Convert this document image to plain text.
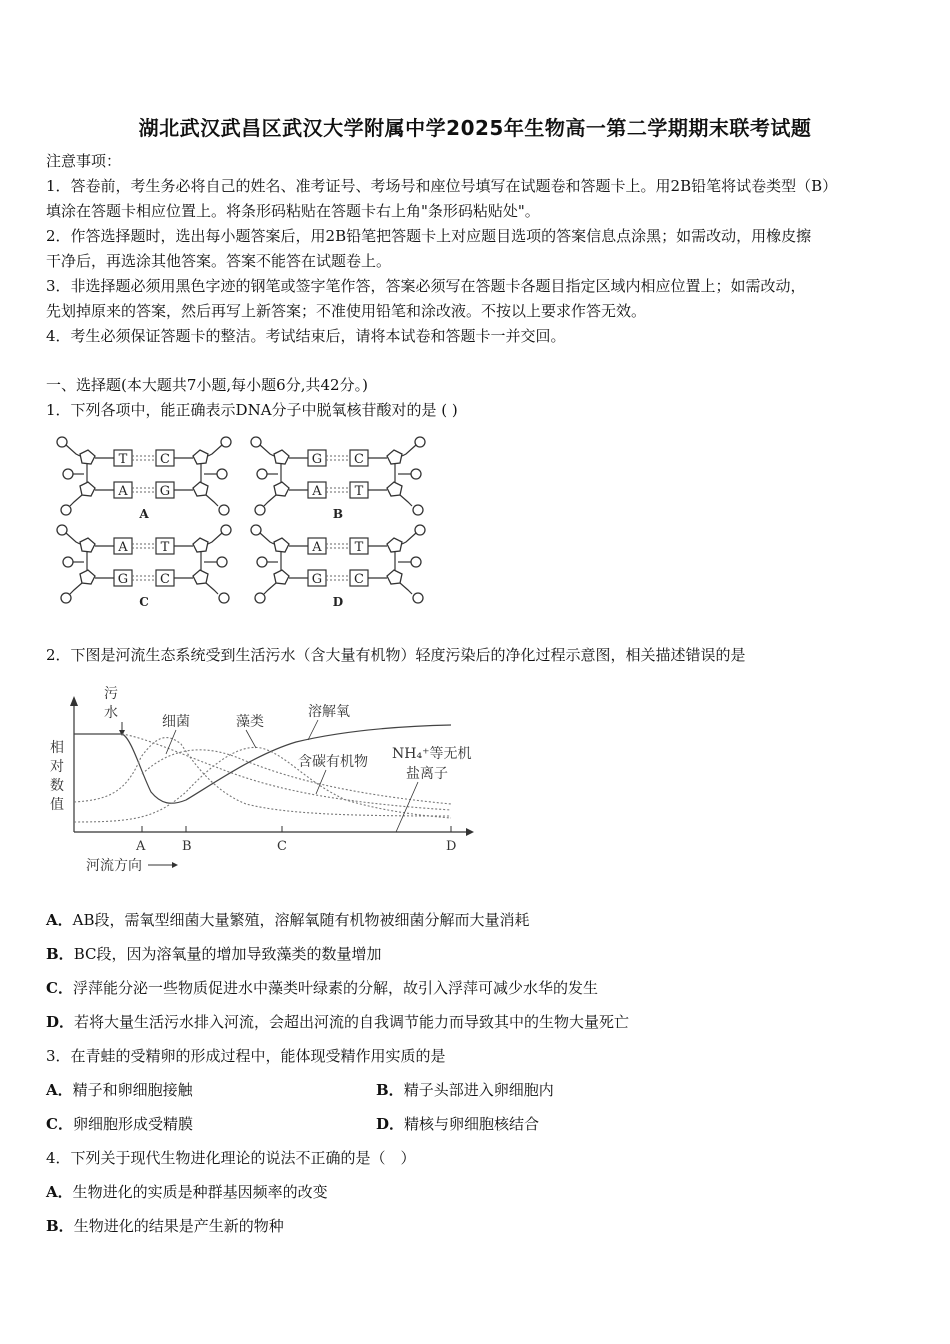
湖北武汉武昌区武汉大学附属中学2025年生物高一第二学期期末联考试题
注意事项：
1．答卷前，考生务必将自己的姓名、准考证号、考场号和座位号填写在试题卷和答题卡上。用2B铅笔将试卷类型（B）
填涂在答题卡相应位置上。将条形码粘贴在答题卡右上角"条形码粘贴处"。
2．作答选择题时，选出每小题答案后，用2B铅笔把答题卡上对应题目选项的答案信息点涂黑；如需改动，用橡皮擦
干净后，再选涂其他答案。答案不能答在试题卷上。
3．非选择题必须用黑色字迹的钢笔或签字笔作答，答案必须写在答题卡各题目指定区域内相应位置上；如需改动，
先划掉原来的答案，然后再写上新答案；不准使用铅笔和涂改液。不按以上要求作答无效。
4．考生必须保证答题卡的整洁。考试结束后，请将本试卷和答题卡一并交回。
一、选择题(本大题共7小题,每小题6分,共42分。)
1．下列各项中，能正确表示DNA分子中脱氧核苷酸对的是 ( )
T	C
A G
A
G C
A	T
B
A	T
G C
C
A	T
G C
D
2．下图是河流生态系统受到生活污水（含大量有机物）轻度污染后的净化过程示意图，相关描述错误的是
污
水
相
对
数
值
细菌	藻类
溶解氧
含碳有机物 NH₄⁺等无机
盐离子
A	B	C	D
河流方向
A．AB段，需氧型细菌大量繁殖，溶解氧随有机物被细菌分解而大量消耗
B．BC段，因为溶氧量的增加导致藻类的数量增加
C．浮萍能分泌一些物质促进水中藻类叶绿素的分解，故引入浮萍可减少水华的发生
D．若将大量生活污水排入河流，会超出河流的自我调节能力而导致其中的生物大量死亡
3．在青蛙的受精卵的形成过程中，能体现受精作用实质的是
A．精子和卵细胞接触	B．精子头部进入卵细胞内
C．卵细胞形成受精膜	D．精核与卵细胞核结合
4．下列关于现代生物进化理论的说法不正确的是（　）
A．生物进化的实质是种群基因频率的改变
B．生物进化的结果是产生新的物种
